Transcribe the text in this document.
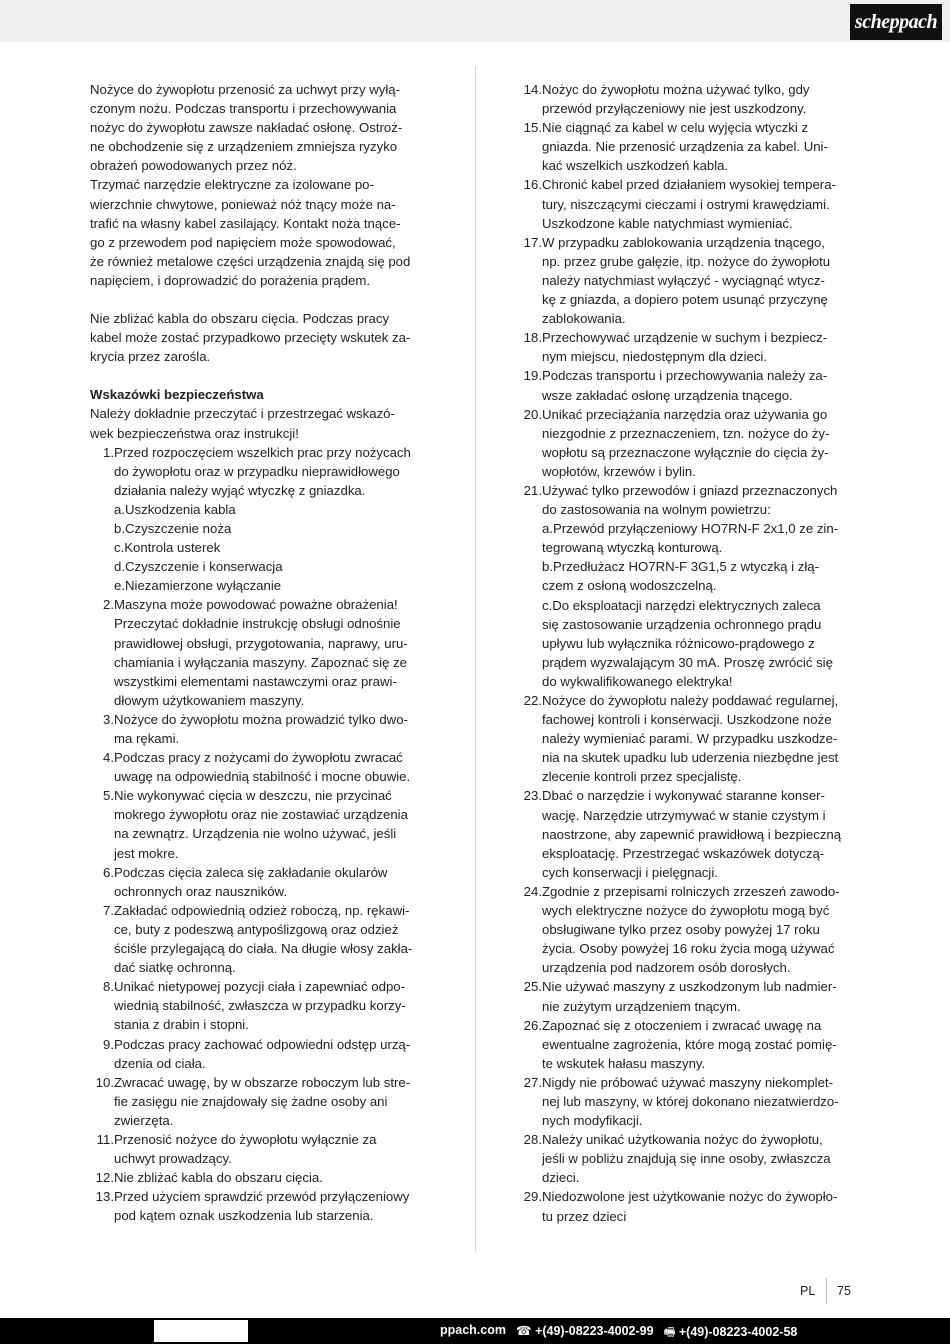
scheppach

Nożyce do żywopłotu przenosić za uchwyt przy wyłą-
czonym nożu. Podczas transportu i przechowywania
nożyc do żywopłotu zawsze nakładać osłonę. Ostroż-
ne obchodzenie się z urządzeniem zmniejsza ryzyko
obrażeń powodowanych przez nóż.
Trzymać narzędzie elektryczne za izolowane po-
wierzchnie chwytowe, ponieważ nóż tnący może na-
trafić na własny kabel zasilający. Kontakt noża tnące-
go z przewodem pod napięciem może spowodować,
że również metalowe części urządzenia znajdą się pod
napięciem, i doprowadzić do porażenia prądem.

Nie zbliżać kabla do obszaru cięcia. Podczas pracy
kabel może zostać przypadkowo przecięty wskutek za-
krycia przez zarośla.

Wskazówki bezpieczeństwa
Należy dokładnie przeczytać i przestrzegać wskazó-
wek bezpieczeństwa oraz instrukcji!
1. Przed rozpoczęciem wszelkich prac przy nożycach
do żywopłotu oraz w przypadku nieprawidłowego
działania należy wyjąć wtyczkę z gniazdka.
a.Uszkodzenia kabla
b.Czyszczenie noża
c.Kontrola usterek
d.Czyszczenie i konserwacja
e.Niezamierzone wyłączanie
2. Maszyna może powodować poważne obrażenia!
Przeczytać dokładnie instrukcję obsługi odnośnie
prawidłowej obsługi, przygotowania, naprawy, uru-
chamiania i wyłączania maszyny. Zapoznać się ze
wszystkimi elementami nastawczymi oraz prawi-
dłowym użytkowaniem maszyny.
3. Nożyce do żywopłotu można prowadzić tylko dwo-
ma rękami.
4. Podczas pracy z nożycami do żywopłotu zwracać
uwagę na odpowiednią stabilność i mocne obuwie.
5. Nie wykonywać cięcia w deszczu, nie przycinać
mokrego żywopłotu oraz nie zostawiać urządzenia
na zewnątrz. Urządzenia nie wolno używać, jeśli
jest mokre.
6. Podczas cięcia zaleca się zakładanie okularów
ochronnych oraz nauszników.
7. Zakładać odpowiednią odzież roboczą, np. rękawi-
ce, buty z podeszwą antypoślizgową oraz odzież
ściśle przylegającą do ciała. Na długie włosy zakła-
dać siatkę ochronną.
8. Unikać nietypowej pozycji ciała i zapewniać odpo-
wiednią stabilność, zwłaszcza w przypadku korzy-
stania z drabin i stopni.
9. Podczas pracy zachować odpowiedni odstęp urzą-
dzenia od ciała.
10. Zwracać uwagę, by w obszarze roboczym lub stre-
fie zasięgu nie znajdowały się żadne osoby ani
zwierzęta.
11. Przenosić nożyce do żywopłotu wyłącznie za
uchwyt prowadzący.
12. Nie zbliżać kabla do obszaru cięcia.
13. Przed użyciem sprawdzić przewód przyłączeniowy
pod kątem oznak uszkodzenia lub starzenia.
14. Nożyc do żywopłotu można używać tylko, gdy
przewód przyłączeniowy nie jest uszkodzony.
15. Nie ciągnąć za kabel w celu wyjęcia wtyczki z
gniazda. Nie przenosić urządzenia za kabel. Uni-
kać wszelkich uszkodzeń kabla.
16. Chronić kabel przed działaniem wysokiej tempera-
tury, niszczącymi cieczami i ostrymi krawędziami.
Uszkodzone kable natychmiast wymieniać.
17. W przypadku zablokowania urządzenia tnącego,
np. przez grube gałęzie, itp. nożyce do żywopłotu
należy natychmiast wyłączyć - wyciągnąć wtycz-
kę z gniazda, a dopiero potem usunąć przyczynę
zablokowania.
18. Przechowywać urządzenie w suchym i bezpiecz-
nym miejscu, niedostępnym dla dzieci.
19. Podczas transportu i przechowywania należy za-
wsze zakładać osłonę urządzenia tnącego.
20. Unikać przeciążania narzędzia oraz używania go
niezgodnie z przeznaczeniem, tzn. nożyce do ży-
wopłotu są przeznaczone wyłącznie do cięcia ży-
wopłotów, krzewów i bylin.
21. Używać tylko przewodów i gniazd przeznaczonych
do zastosowania na wolnym powietrzu:
a.Przewód przyłączeniowy HO7RN-F 2x1,0 ze zin-
tegrowaną wtyczką konturową.
b.Przedłużacz HO7RN-F 3G1,5 z wtyczką i złą-
czem z osłoną wodoszczelną.
c.Do eksploatacji narzędzi elektrycznych zaleca
się zastosowanie urządzenia ochronnego prądu
upływu lub wyłącznika różnicowo-prądowego z
prądem wyzwalającym 30 mA. Proszę zwrócić się
do wykwalifikowanego elektryka!
22. Nożyce do żywopłotu należy poddawać regularnej,
fachowej kontroli i konserwacji. Uszkodzone noże
należy wymieniać parami. W przypadku uszkodze-
nia na skutek upadku lub uderzenia niezbędne jest
zlecenie kontroli przez specjalistę.
23. Dbać o narzędzie i wykonywać staranne konser-
wację. Narzędzie utrzymywać w stanie czystym i
naostrzone, aby zapewnić prawidłową i bezpieczną
eksploatację. Przestrzegać wskazówek dotyczą-
cych konserwacji i pielęgnacji.
24. Zgodnie z przepisami rolniczych zrzeszeń zawodo-
wych elektryczne nożyce do żywopłotu mogą być
obsługiwane tylko przez osoby powyżej 17 roku
życia. Osoby powyżej 16 roku życia mogą używać
urządzenia pod nadzorem osób dorosłych.
25. Nie używać maszyny z uszkodzonym lub nadmier-
nie zużytym urządzeniem tnącym.
26. Zapoznać się z otoczeniem i zwracać uwagę na
ewentualne zagrożenia, które mogą zostać pomię-
te wskutek hałasu maszyny.
27. Nigdy nie próbować używać maszyny niekomplet-
nej lub maszyny, w której dokonano niezatwierdzo-
nych modyfikacji.
28. Należy unikać użytkowania nożyc do żywopłotu,
jeśli w pobliżu znajdują się inne osoby, zwłaszcza
dzieci.
29. Niedozwolone jest użytkowanie nożyc do żywopło-
tu przez dzieci
PL 75
ppach.com ☎ +(49)-08223-4002-99 🖷 +(49)-08223-4002-58
